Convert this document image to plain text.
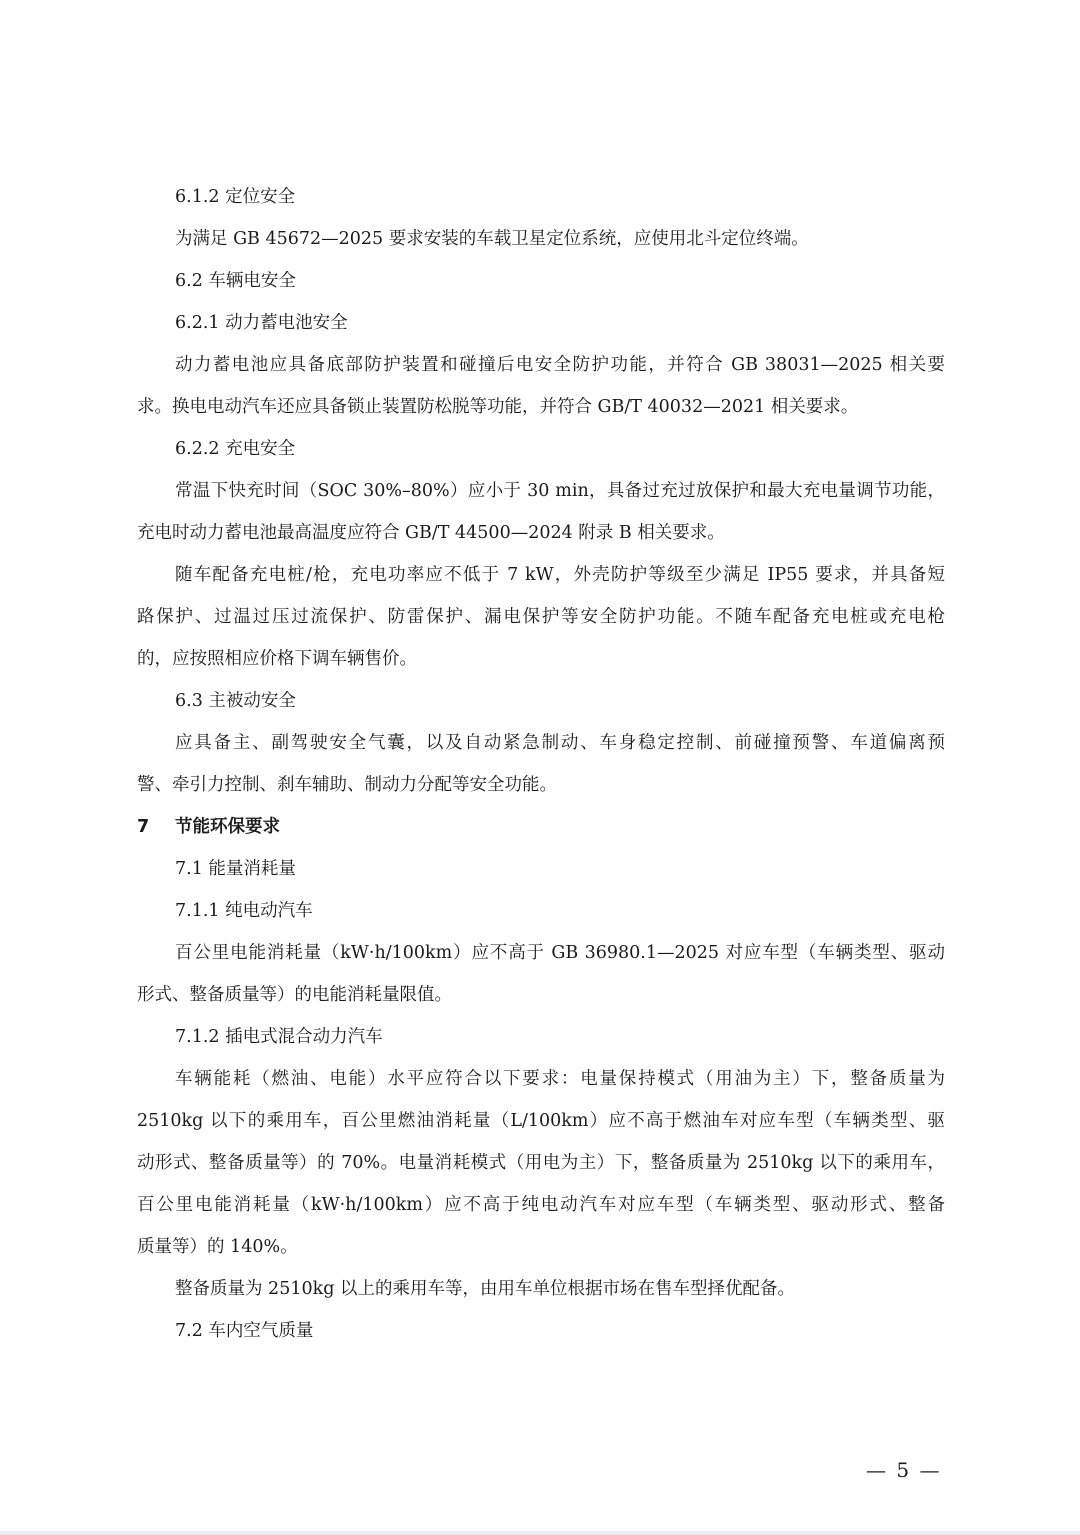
6.1.2 定位安全
为满足 GB 45672—2025 要求安装的车载卫星定位系统，应使用北斗定位终端。
6.2 车辆电安全
6.2.1 动力蓄电池安全
动力蓄电池应具备底部防护装置和碰撞后电安全防护功能，并符合 GB 38031—2025 相关要
求。换电电动汽车还应具备锁止装置防松脱等功能，并符合 GB/T 40032—2021 相关要求。
6.2.2 充电安全
常温下快充时间（SOC 30%–80%）应小于 30 min，具备过充过放保护和最大充电量调节功能，
充电时动力蓄电池最高温度应符合 GB/T 44500—2024 附录 B 相关要求。
随车配备充电桩/枪，充电功率应不低于 7 kW，外壳防护等级至少满足 IP55 要求，并具备短
路保护、过温过压过流保护、防雷保护、漏电保护等安全防护功能。不随车配备充电桩或充电枪
的，应按照相应价格下调车辆售价。
6.3 主被动安全
应具备主、副驾驶安全气囊，以及自动紧急制动、车身稳定控制、前碰撞预警、车道偏离预
警、牵引力控制、刹车辅助、制动力分配等安全功能。
7 节能环保要求
7.1 能量消耗量
7.1.1 纯电动汽车
百公里电能消耗量（kW·h/100km）应不高于 GB 36980.1—2025 对应车型（车辆类型、驱动
形式、整备质量等）的电能消耗量限值。
7.1.2 插电式混合动力汽车
车辆能耗（燃油、电能）水平应符合以下要求：电量保持模式（用油为主）下，整备质量为
2510kg 以下的乘用车，百公里燃油消耗量（L/100km）应不高于燃油车对应车型（车辆类型、驱
动形式、整备质量等）的 70%。电量消耗模式（用电为主）下，整备质量为 2510kg 以下的乘用车，
百公里电能消耗量（kW·h/100km）应不高于纯电动汽车对应车型（车辆类型、驱动形式、整备
质量等）的 140%。
整备质量为 2510kg 以上的乘用车等，由用车单位根据市场在售车型择优配备。
7.2 车内空气质量
— 5 —
